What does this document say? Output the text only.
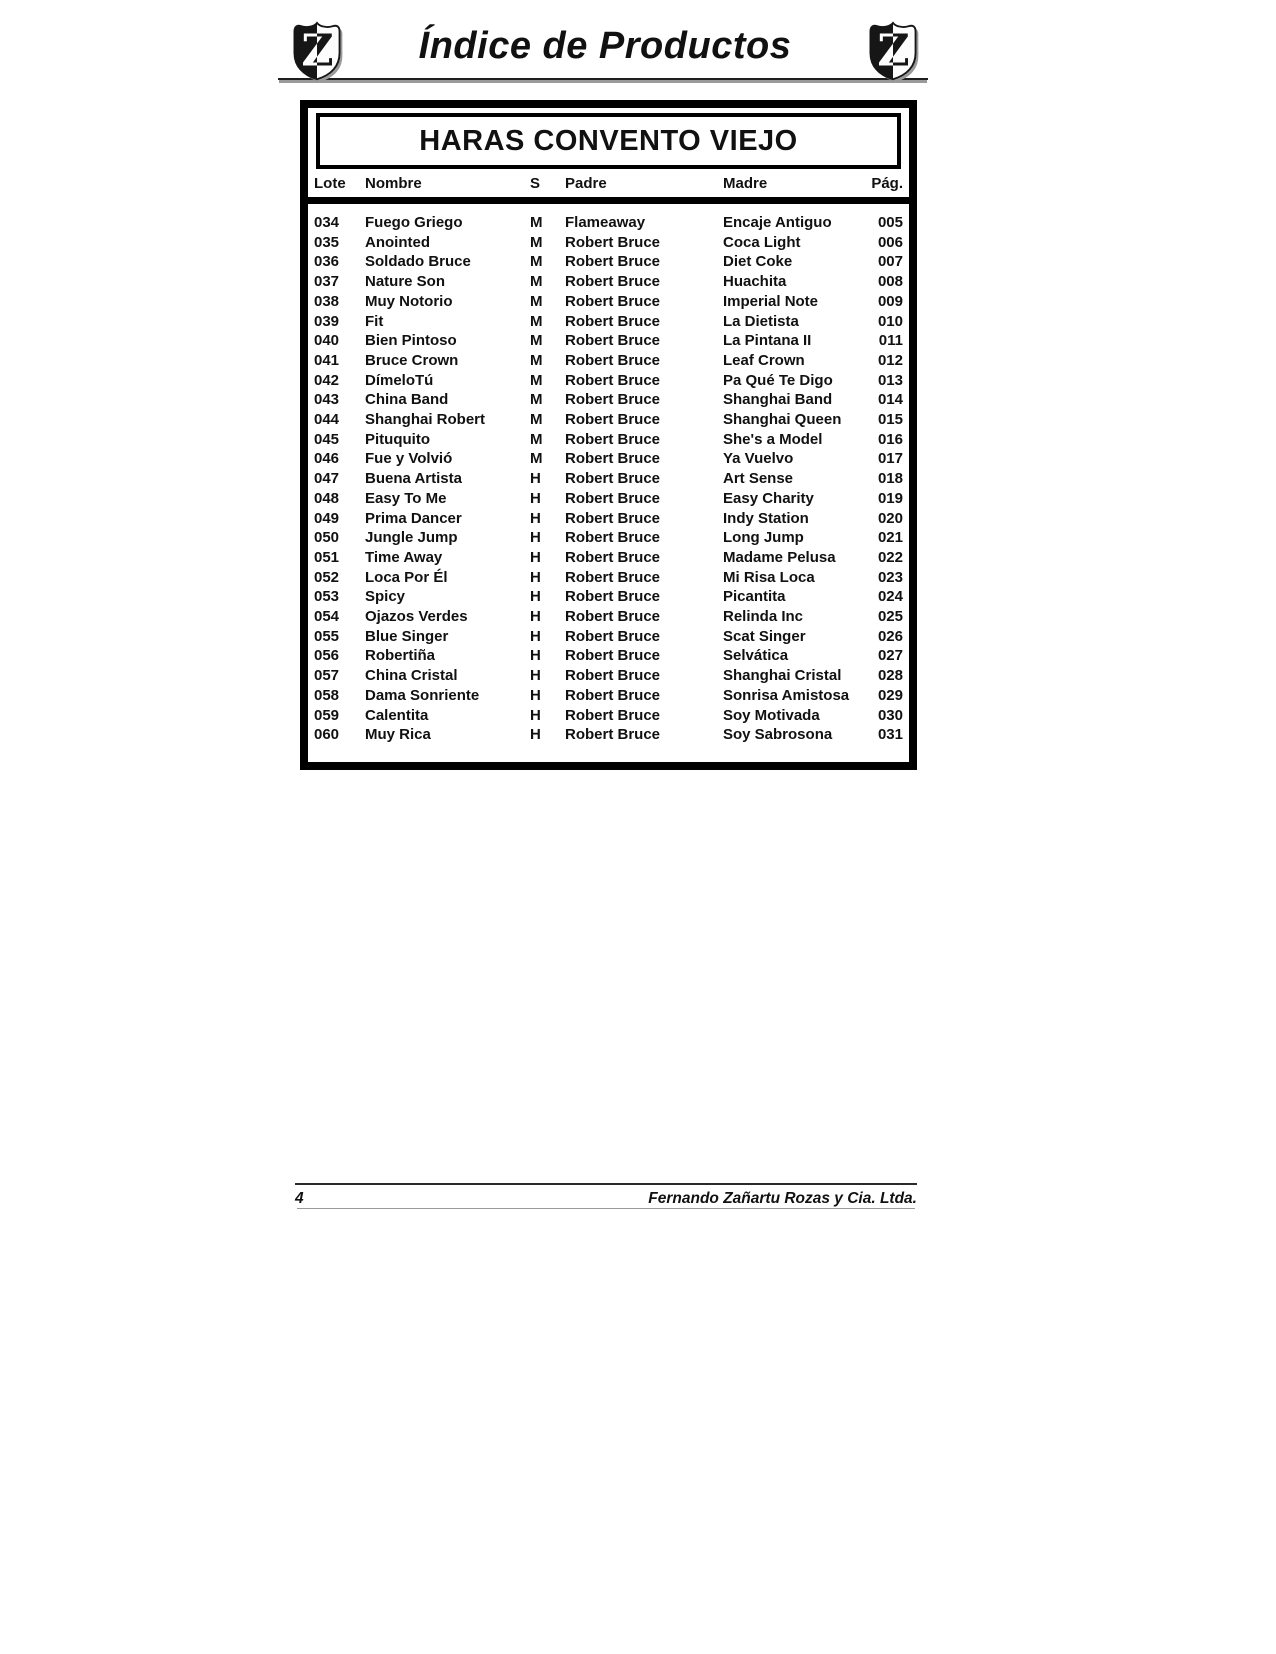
Índice de Productos
HARAS CONVENTO VIEJO
Lote	Nombre	S	Padre	Madre	Pág.
034	Fuego Griego	M	Flameaway	Encaje Antiguo	005
035	Anointed	M	Robert Bruce	Coca Light	006
036	Soldado Bruce	M	Robert Bruce	Diet Coke	007
037	Nature Son	M	Robert Bruce	Huachita	008
038	Muy Notorio	M	Robert Bruce	Imperial Note	009
039	Fit	M	Robert Bruce	La Dietista	010
040	Bien Pintoso	M	Robert Bruce	La Pintana II	011
041	Bruce Crown	M	Robert Bruce	Leaf Crown	012
042	DímeloTú	M	Robert Bruce	Pa Qué Te Digo	013
043	China Band	M	Robert Bruce	Shanghai Band	014
044	Shanghai Robert	M	Robert Bruce	Shanghai Queen	015
045	Pituquito	M	Robert Bruce	She's a Model	016
046	Fue y Volvió	M	Robert Bruce	Ya Vuelvo	017
047	Buena Artista	H	Robert Bruce	Art Sense	018
048	Easy To Me	H	Robert Bruce	Easy Charity	019
049	Prima Dancer	H	Robert Bruce	Indy Station	020
050	Jungle Jump	H	Robert Bruce	Long Jump	021
051	Time Away	H	Robert Bruce	Madame Pelusa	022
052	Loca Por Él	H	Robert Bruce	Mi Risa Loca	023
053	Spicy	H	Robert Bruce	Picantita	024
054	Ojazos Verdes	H	Robert Bruce	Relinda Inc	025
055	Blue Singer	H	Robert Bruce	Scat Singer	026
056	Robertiña	H	Robert Bruce	Selvática	027
057	China Cristal	H	Robert Bruce	Shanghai Cristal	028
058	Dama Sonriente	H	Robert Bruce	Sonrisa Amistosa	029
059	Calentita	H	Robert Bruce	Soy Motivada	030
060	Muy Rica	H	Robert Bruce	Soy Sabrosona	031
4	Fernando Zañartu Rozas y Cia. Ltda.
